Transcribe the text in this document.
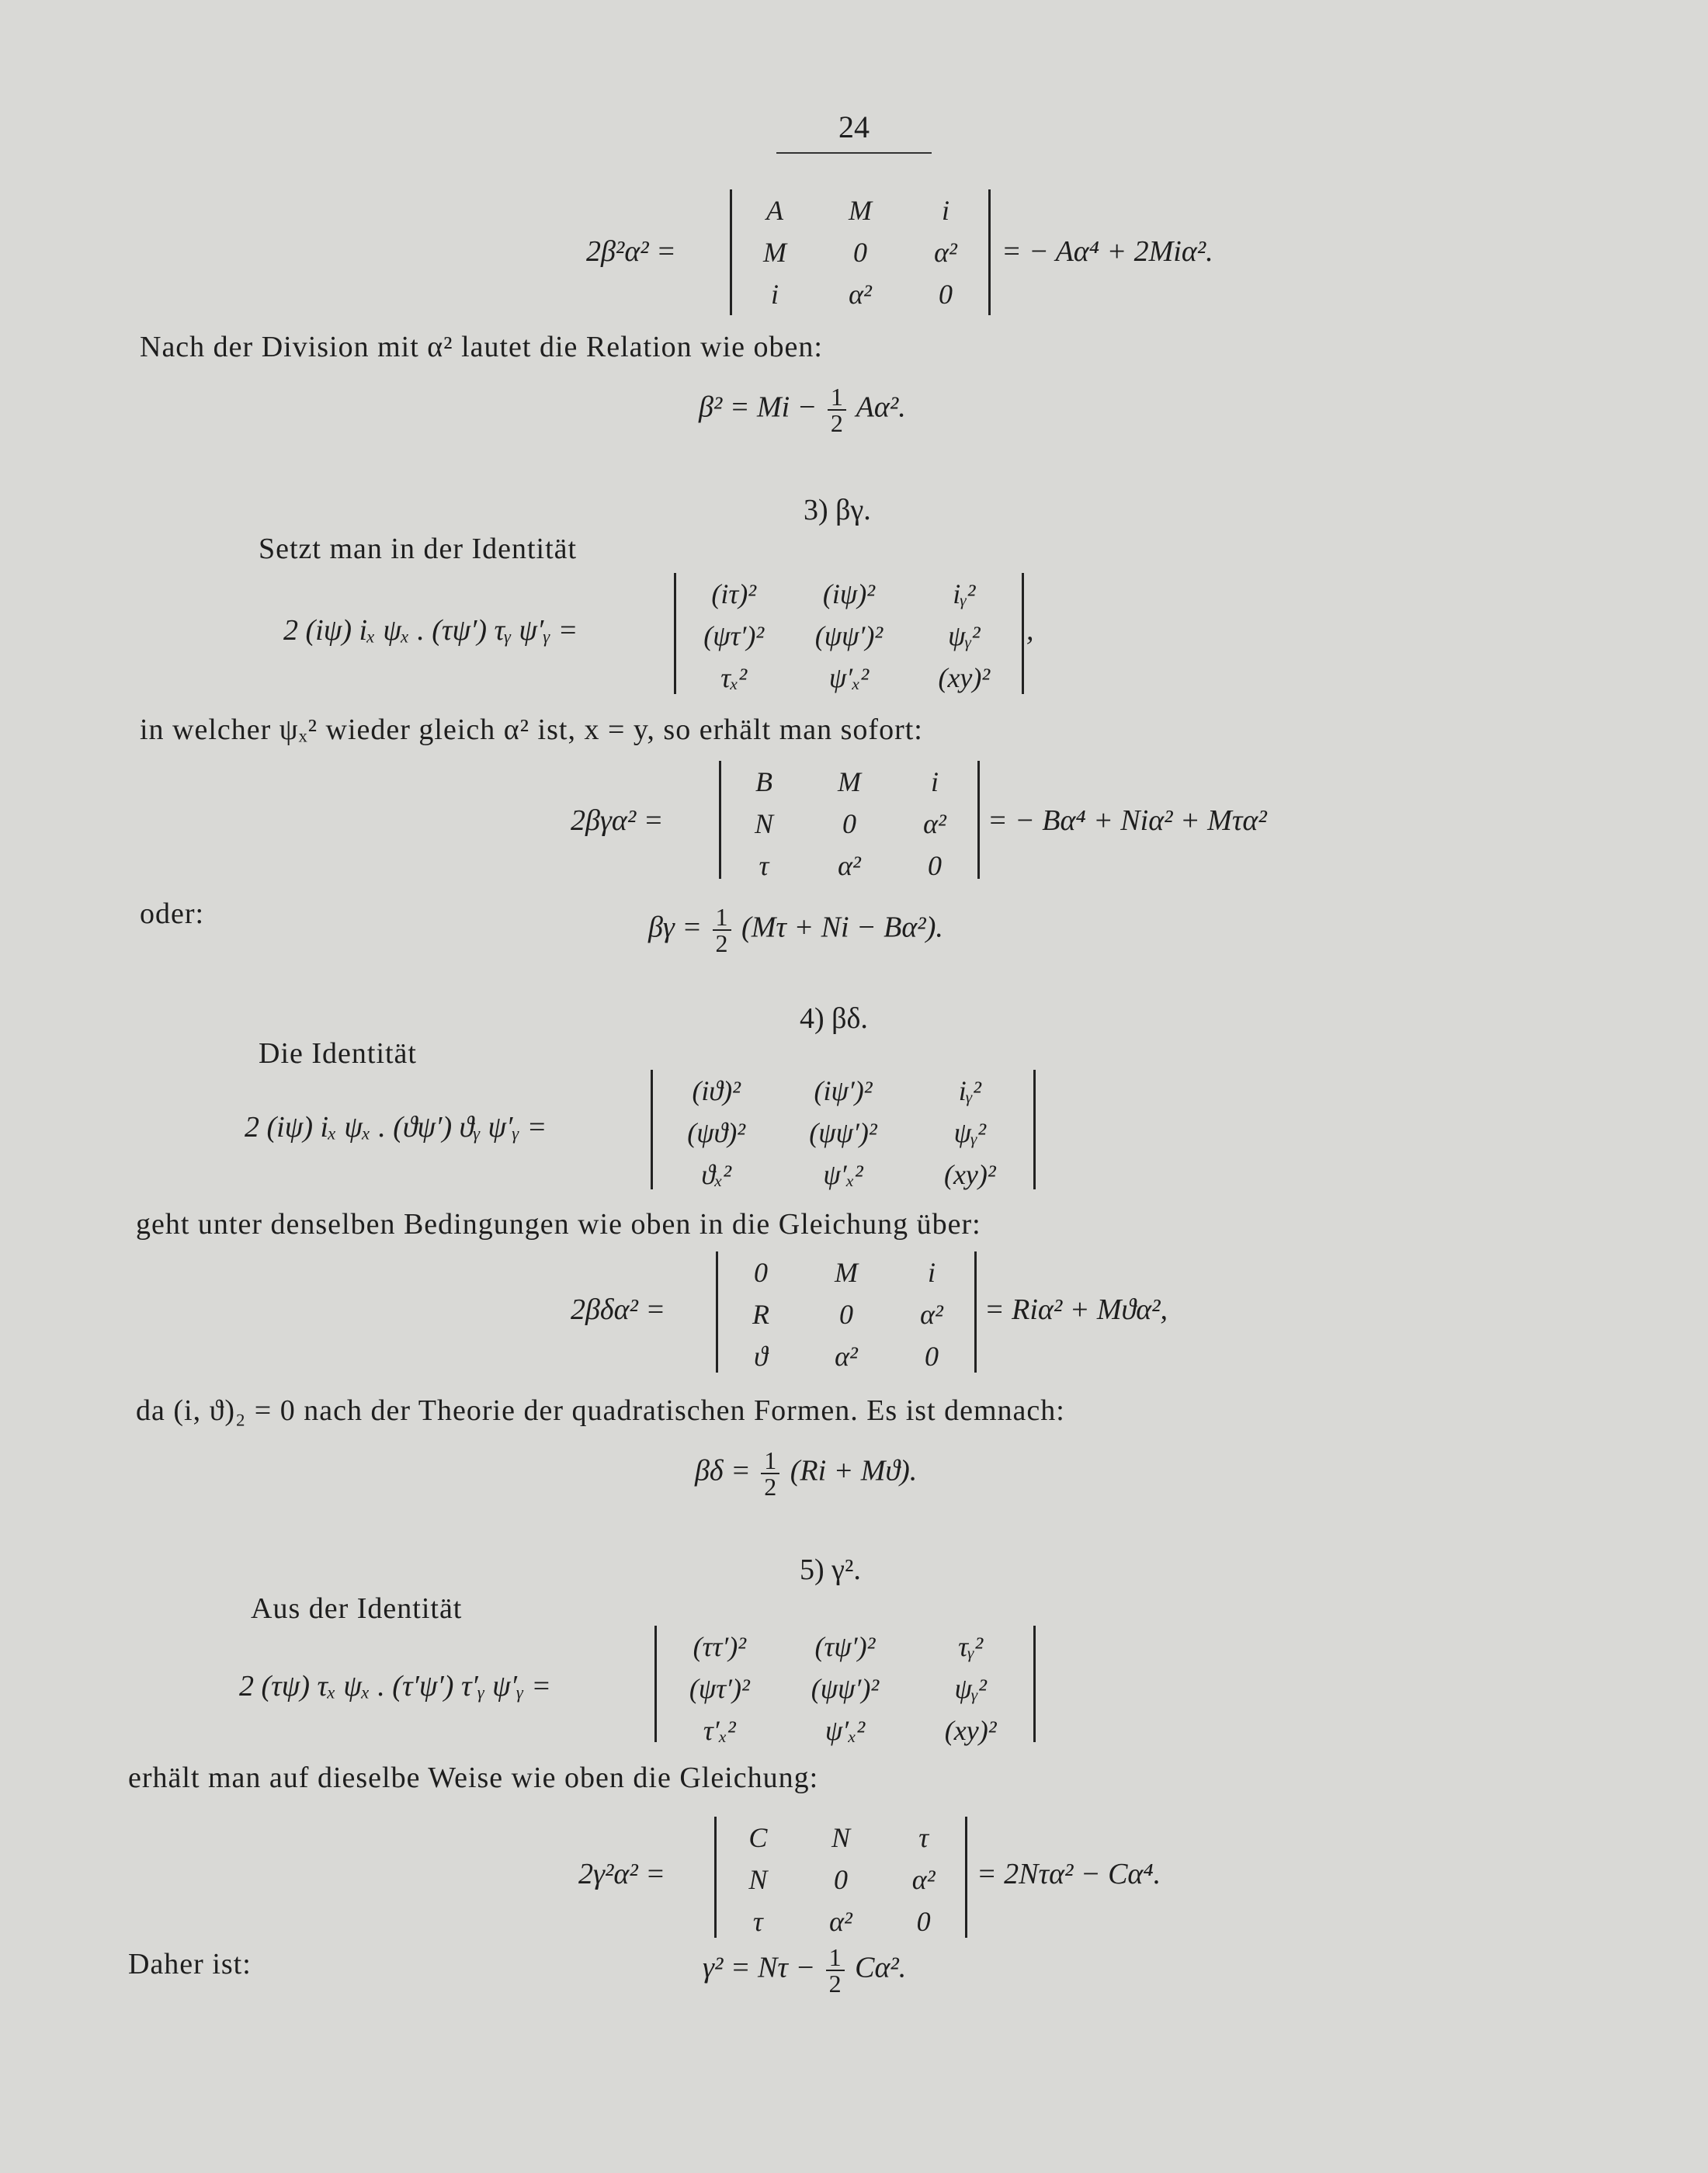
24
2β²α² =
A	M	i
M	0	α²
i	α²	0
= − Aα⁴ + 2Miα².
Nach der Division mit α² lautet die Relation wie oben:
$\beta^2 = Mi - \frac{1}{2} A\alpha^2$.
3) βγ.
Setzt man in der Identität
2 (iψ) iₓ ψₓ . (τψ′) τᵧ ψ′ᵧ =
(iτ)²	(iψ)²	iᵧ²
(ψτ′)²	(ψψ′)²	ψᵧ²
τₓ²	ψ′ₓ²	(xy)²
,
in welcher ψₓ² wieder gleich α² ist, x = y, so erhält man sofort:
2βγα² =
B	M	i
N	0	α²
τ	α²	0
= − Bα⁴ + Niα² + Mτα²
oder:	$\beta\gamma = \frac{1}{2} (M\tau + Ni - B\alpha^2)$.
4) βδ.
Die Identität
2 (iψ) iₓ ψₓ . (ϑψ′) ϑᵧ ψ′ᵧ =
(iϑ)²	(iψ′)²	iᵧ²
(ψϑ)²	(ψψ′)²	ψᵧ²
ϑₓ²	ψ′ₓ²	(xy)²
geht unter denselben Bedingungen wie oben in die Gleichung über:
2βδα² =
0	M	i
R	0	α²
ϑ	α²	0
= Riα² + Mϑα²,
da (i, ϑ)₂ = 0 nach der Theorie der quadratischen Formen. Es ist demnach:
$\beta\delta = \frac{1}{2} (Ri + Mϑ)$.
5) γ².
Aus der Identität
2 (τψ) τₓ ψₓ . (τ′ψ′) τ′ᵧ ψ′ᵧ =
(ττ′)²	(τψ′)²	τᵧ²
(ψτ′)²	(ψψ′)²	ψᵧ²
τ′ₓ²	ψ′ₓ²	(xy)²
erhält man auf dieselbe Weise wie oben die Gleichung:
2γ²α² =
C	N	τ
N	0	α²
τ	α²	0
= 2Nτα² − Cα⁴.
Daher ist:	$\gamma^2 = N\tau - \frac{1}{2} C\alpha^2$.
